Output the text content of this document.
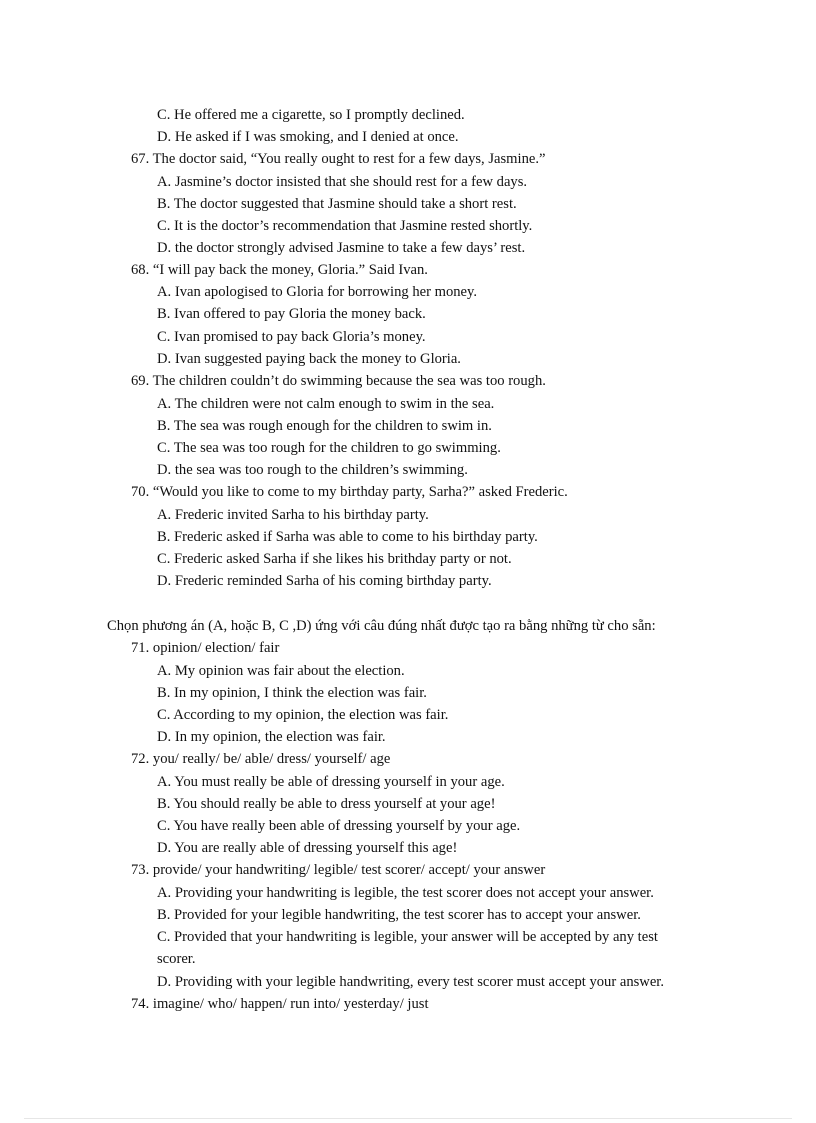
C. He offered me a cigarette, so I promptly declined.
D. He asked if I was smoking, and I denied at once.
67. The doctor said, “You really ought to rest for a few days, Jasmine.”
A. Jasmine’s doctor insisted that she should rest for a few days.
B. The doctor suggested that Jasmine should take a short rest.
C. It is the doctor’s recommendation that Jasmine rested shortly.
D. the doctor strongly advised Jasmine to take a few days’ rest.
68. “I will pay back the money, Gloria.” Said Ivan.
A. Ivan apologised to Gloria for borrowing her money.
B. Ivan offered to pay Gloria the money back.
C. Ivan promised to pay back Gloria’s money.
D. Ivan suggested paying back the money to Gloria.
69. The children couldn’t do swimming because the sea was too rough.
A. The children were not calm enough to swim in the sea.
B. The sea was rough enough for the children to swim in.
C. The sea was too rough for the children to go swimming.
D. the sea was too rough to the children’s swimming.
70. “Would you like to come to my birthday party, Sarha?” asked Frederic.
A. Frederic invited Sarha to his birthday party.
B. Frederic asked if Sarha was able to come to his birthday party.
C. Frederic asked Sarha if she likes his brithday party or not.
D. Frederic reminded Sarha of his coming birthday party.
Chọn phương án (A, hoặc B, C ,D) ứng với câu đúng nhất được tạo ra bằng những từ cho sẵn:
71. opinion/ election/ fair
A. My opinion was fair about the election.
B. In my opinion, I think the election was fair.
C. According to my opinion, the election was fair.
D. In my opinion, the election was fair.
72. you/ really/ be/ able/ dress/ yourself/ age
A. You must really be able of dressing yourself in your age.
B. You should really be able to dress yourself at your age!
C. You have really been able of dressing yourself by your age.
D. You are really able of dressing yourself this age!
73. provide/ your handwriting/ legible/ test scorer/ accept/ your answer
A. Providing your handwriting is legible, the test scorer does not accept your answer.
B. Provided for your legible handwriting, the test scorer has to accept your answer.
C. Provided that your handwriting is legible, your answer will be accepted by any test
scorer.
D. Providing with your legible handwriting, every test scorer must accept your answer.
74. imagine/ who/ happen/ run into/ yesterday/ just
